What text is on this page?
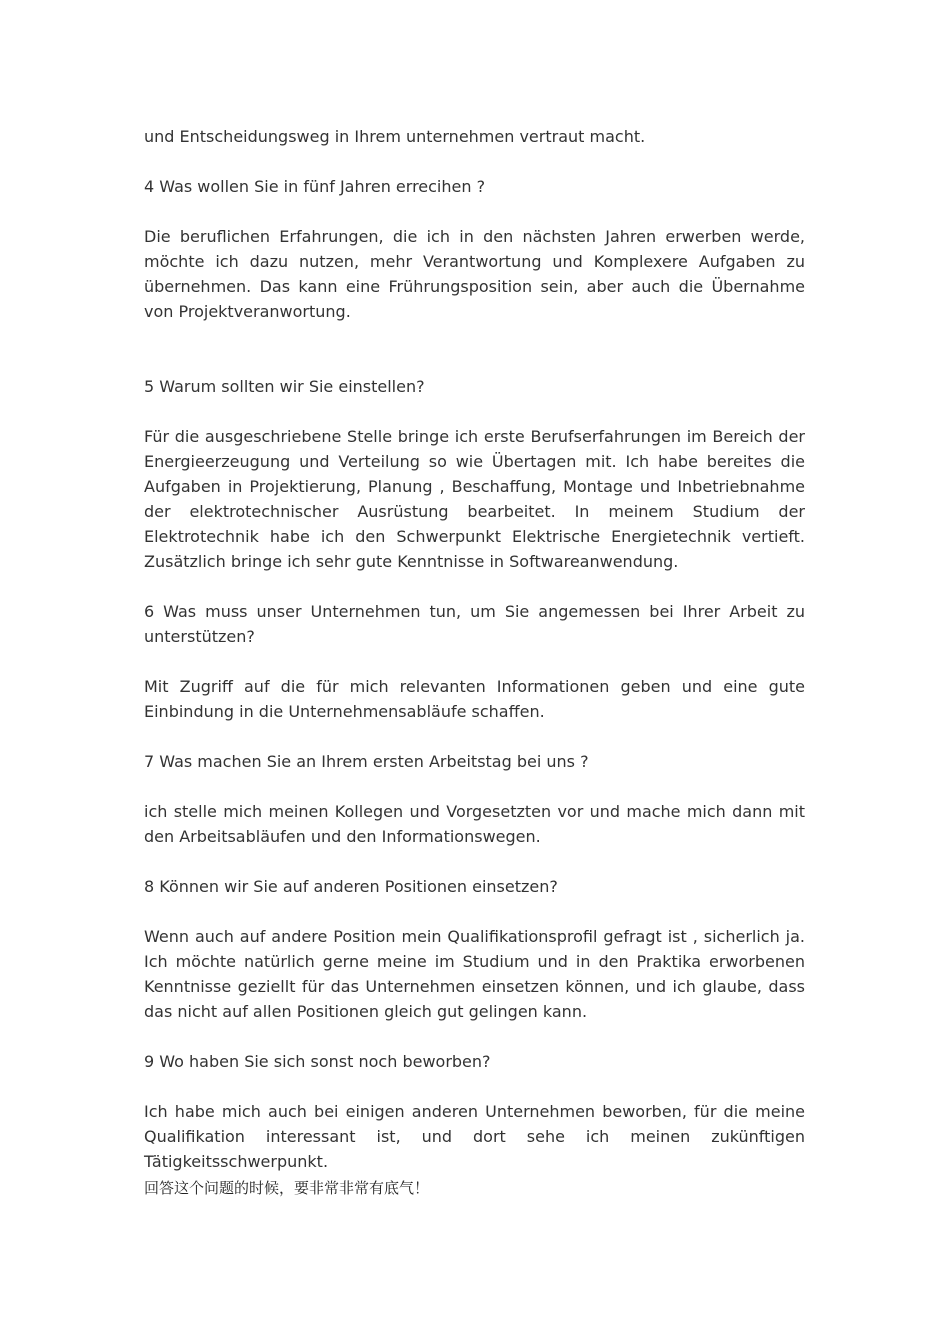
und Entscheidungsweg in Ihrem unternehmen vertraut macht.

4 Was wollen Sie in fünf Jahren errecihen ?

Die beruflichen Erfahrungen, die ich in den nächsten Jahren erwerben werde, möchte ich dazu nutzen, mehr Verantwortung und Komplexere Aufgaben zu übernehmen. Das kann eine Frührungsposition sein, aber auch die Übernahme von Projektveranwortung.

5 Warum sollten wir Sie einstellen?

Für die ausgeschriebene Stelle bringe ich erste Berufserfahrungen im Bereich der Energieerzeugung und Verteilung so wie Übertagen mit. Ich habe bereites die Aufgaben in Projektierung, Planung , Beschaffung, Montage und Inbetriebnahme der elektrotechnischer Ausrüstung bearbeitet. In meinem Studium der Elektrotechnik habe ich den Schwerpunkt Elektrische Energietechnik vertieft. Zusätzlich bringe ich sehr gute Kenntnisse in Softwareanwendung.

6 Was muss unser Unternehmen tun, um Sie angemessen bei Ihrer Arbeit zu unterstützen?

Mit Zugriff auf die für mich relevanten Informationen geben und eine gute Einbindung in die Unternehmensabläufe schaffen.

7 Was machen Sie an Ihrem ersten Arbeitstag bei uns ?

ich stelle mich meinen Kollegen und Vorgesetzten vor und mache mich dann mit den Arbeitsabläufen und den Informationswegen.

8 Können wir Sie auf anderen Positionen einsetzen?

Wenn auch auf andere Position mein Qualifikationsprofil gefragt ist , sicherlich ja. Ich möchte natürlich gerne meine im Studium und in den Praktika erworbenen Kenntnisse geziellt für das Unternehmen einsetzen können, und ich glaube, dass das nicht auf allen Positionen gleich gut gelingen kann.

9 Wo haben Sie sich sonst noch beworben?

Ich habe mich auch bei einigen anderen Unternehmen beworben, für die meine Qualifikation interessant ist, und dort sehe ich meinen zukünftigen Tätigkeitsschwerpunkt.

回答这个问题的时候，要非常非常有底气！
